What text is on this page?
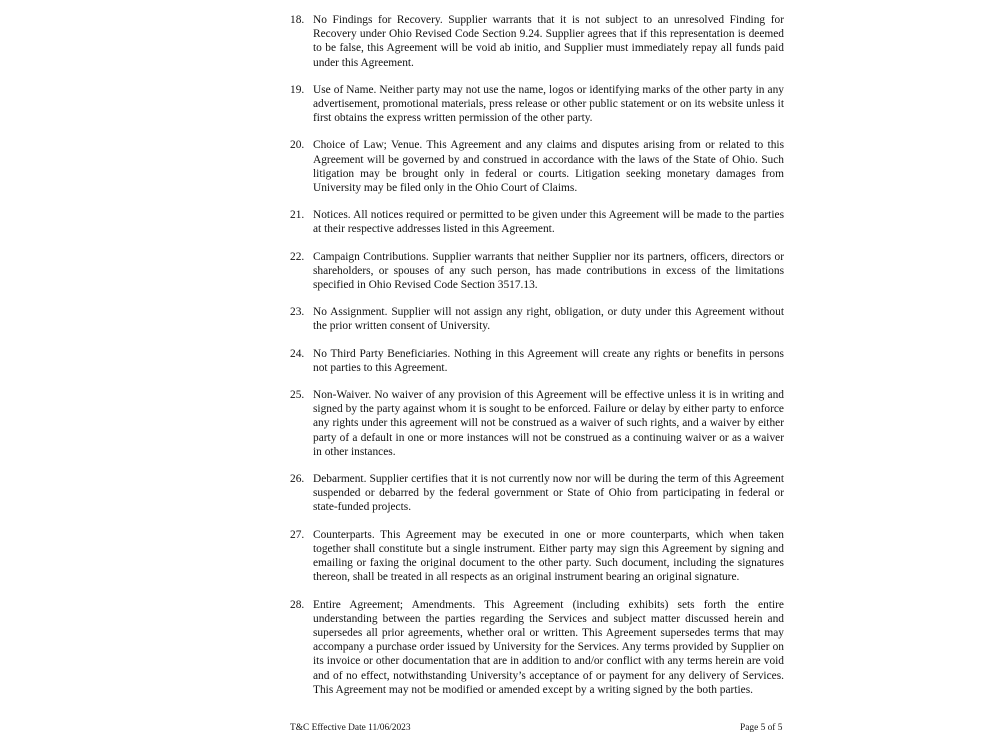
18. No Findings for Recovery. Supplier warrants that it is not subject to an unresolved Finding for Recovery under Ohio Revised Code Section 9.24. Supplier agrees that if this representation is deemed to be false, this Agreement will be void ab initio, and Supplier must immediately repay all funds paid under this Agreement.
19. Use of Name. Neither party may not use the name, logos or identifying marks of the other party in any advertisement, promotional materials, press release or other public statement or on its website unless it first obtains the express written permission of the other party.
20. Choice of Law; Venue. This Agreement and any claims and disputes arising from or related to this Agreement will be governed by and construed in accordance with the laws of the State of Ohio. Such litigation may be brought only in federal or courts. Litigation seeking monetary damages from University may be filed only in the Ohio Court of Claims.
21. Notices. All notices required or permitted to be given under this Agreement will be made to the parties at their respective addresses listed in this Agreement.
22. Campaign Contributions. Supplier warrants that neither Supplier nor its partners, officers, directors or shareholders, or spouses of any such person, has made contributions in excess of the limitations specified in Ohio Revised Code Section 3517.13.
23. No Assignment. Supplier will not assign any right, obligation, or duty under this Agreement without the prior written consent of University.
24. No Third Party Beneficiaries. Nothing in this Agreement will create any rights or benefits in persons not parties to this Agreement.
25. Non-Waiver. No waiver of any provision of this Agreement will be effective unless it is in writing and signed by the party against whom it is sought to be enforced. Failure or delay by either party to enforce any rights under this agreement will not be construed as a waiver of such rights, and a waiver by either party of a default in one or more instances will not be construed as a continuing waiver or as a waiver in other instances.
26. Debarment. Supplier certifies that it is not currently now nor will be during the term of this Agreement suspended or debarred by the federal government or State of Ohio from participating in federal or state-funded projects.
27. Counterparts. This Agreement may be executed in one or more counterparts, which when taken together shall constitute but a single instrument. Either party may sign this Agreement by signing and emailing or faxing the original document to the other party. Such document, including the signatures thereon, shall be treated in all respects as an original instrument bearing an original signature.
28. Entire Agreement; Amendments. This Agreement (including exhibits) sets forth the entire understanding between the parties regarding the Services and subject matter discussed herein and supersedes all prior agreements, whether oral or written. This Agreement supersedes terms that may accompany a purchase order issued by University for the Services. Any terms provided by Supplier on its invoice or other documentation that are in addition to and/or conflict with any terms herein are void and of no effect, notwithstanding University’s acceptance of or payment for any delivery of Services. This Agreement may not be modified or amended except by a writing signed by the both parties.
T&C Effective Date 11/06/2023	Page 5 of 5
